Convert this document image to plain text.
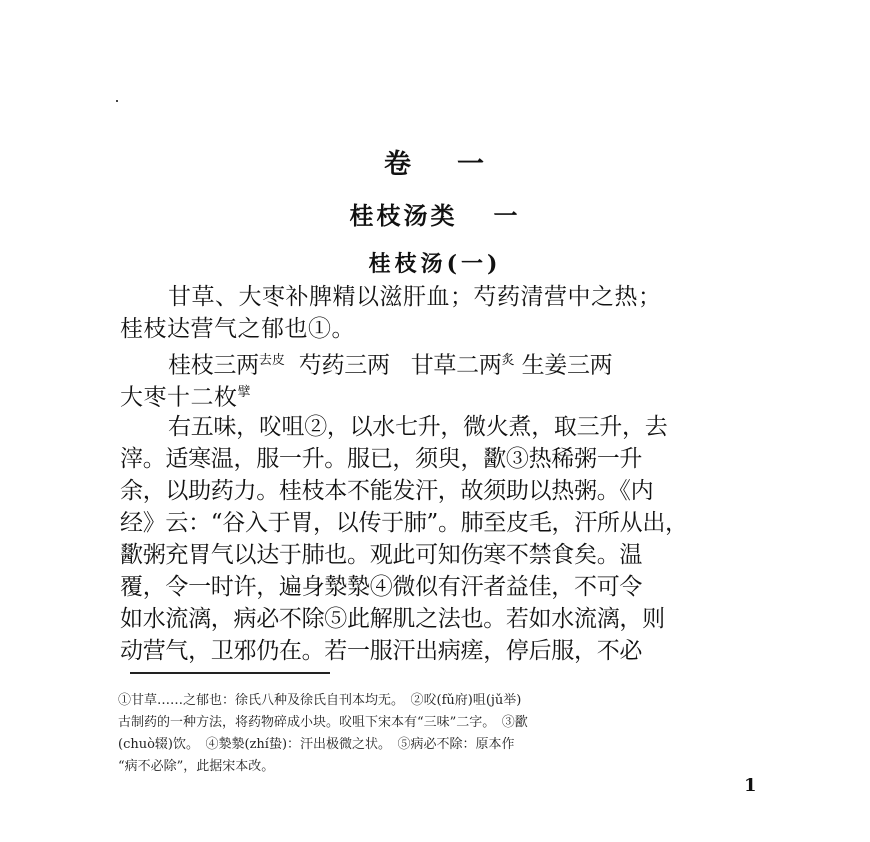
卷 一
桂枝汤类 一
桂枝汤(一)
甘草、大枣补脾精以滋肝血；芍药清营中之热；
桂枝达营气之郁也①。
桂枝三两$^{去皮}$ 芍药三两 甘草二两$^炙$ 生姜三两
大枣十二枚$^擘$
右五味，㕮咀②，以水七升，微火煮，取三升，去
滓。适寒温，服一升。服已，须臾，歠③热稀粥一升
余，以助药力。桂枝本不能发汗，故须助以热粥。《内
经》云：“谷入于胃，以传于肺”。肺至皮毛，汗所从出，
歠粥充胃气以达于肺也。观此可知伤寒不禁食矣。温
覆，令一时许，遍身漐漐④微似有汗者益佳，不可令
如水流漓，病必不除⑤此解肌之法也。若如水流漓，则
动营气，卫邪仍在。若一服汗出病瘥，停后服，不必
①甘草……之郁也：徐氏八种及徐氏自刊本均无。　②㕮(fǔ府)咀(jǔ举)
古制药的一种方法，将药物碎成小块。㕮咀下宋本有“三味”二字。　③歠
(chuò辍)饮。　④漐漐(zhí蛰)：汗出极微之状。　⑤病必不除：原本作
“病不必除”，此据宋本改。
1
